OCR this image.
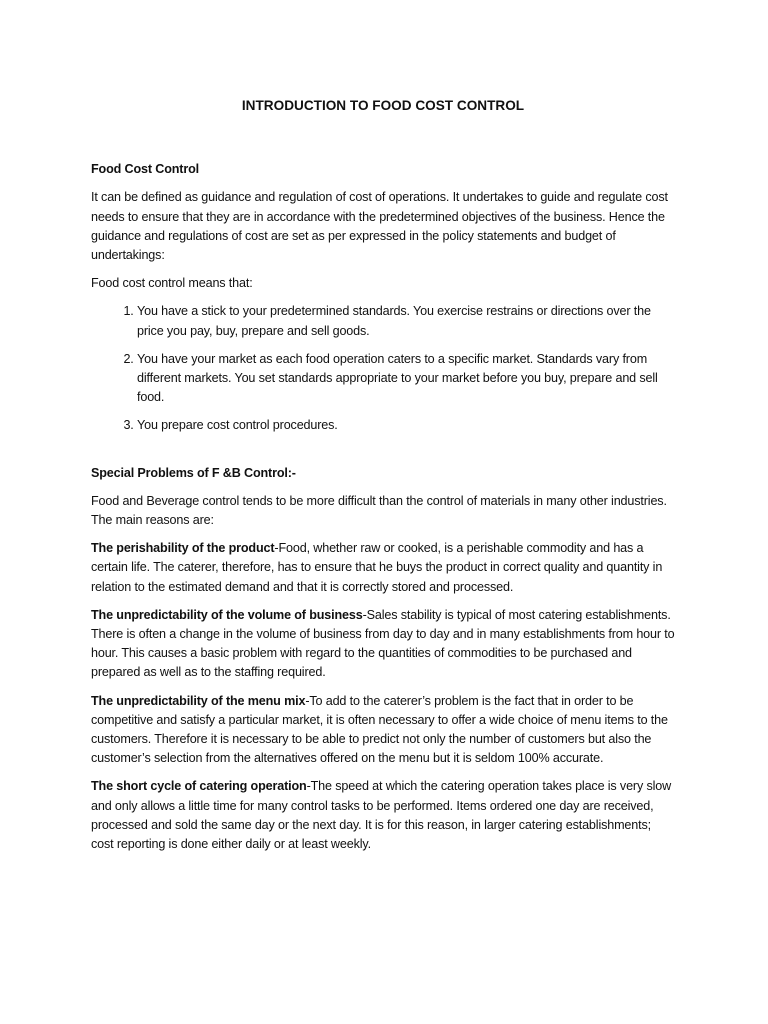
INTRODUCTION TO FOOD COST CONTROL
Food Cost Control

It can be defined as guidance and regulation of cost of operations. It undertakes to guide and regulate cost needs to ensure that they are in accordance with the predetermined objectives of the business. Hence the guidance and regulations of cost are set as per expressed in the policy statements and budget of undertakings:

Food cost control means that:

1. You have a stick to your predetermined standards. You exercise restrains or directions over the price you pay, buy, prepare and sell goods.
2. You have your market as each food operation caters to a specific market. Standards vary from different markets. You set standards appropriate to your market before you buy, prepare and sell food.
3. You prepare cost control procedures.
Special Problems of F &B Control:-

Food and Beverage control tends to be more difficult than the control of materials in many other industries. The main reasons are:

The perishability of the product-Food, whether raw or cooked, is a perishable commodity and has a certain life. The caterer, therefore, has to ensure that he buys the product in correct quality and quantity in relation to the estimated demand and that it is correctly stored and processed.

The unpredictability of the volume of business-Sales stability is typical of most catering establishments. There is often a change in the volume of business from day to day and in many establishments from hour to hour. This causes a basic problem with regard to the quantities of commodities to be purchased and prepared as well as to the staffing required.

The unpredictability of the menu mix-To add to the caterer’s problem is the fact that in order to be competitive and satisfy a particular market, it is often necessary to offer a wide choice of menu items to the customers. Therefore it is necessary to be able to predict not only the number of customers but also the customer’s selection from the alternatives offered on the menu but it is seldom 100% accurate.

The short cycle of catering operation-The speed at which the catering operation takes place is very slow and only allows a little time for many control tasks to be performed. Items ordered one day are received, processed and sold the same day or the next day. It is for this reason, in larger catering establishments; cost reporting is done either daily or at least weekly.
